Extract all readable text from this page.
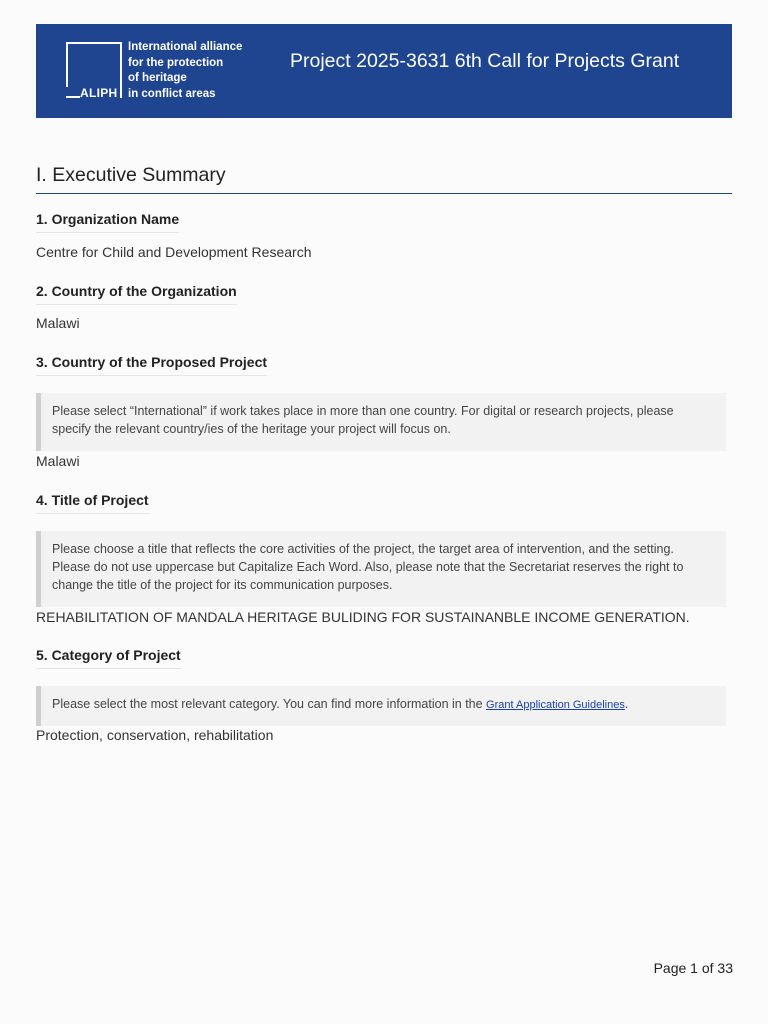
ALIPH
International alliance
for the protection
of heritage
in conflict areas
Project 2025-3631 6th Call for Projects Grant
I. Executive Summary
1. Organization Name
Centre for Child and Development Research
2. Country of the Organization
Malawi
3. Country of the Proposed Project
Please select “International” if work takes place in more than one country. For digital or research projects, please specify the relevant country/ies of the heritage your project will focus on.
Malawi
4. Title of Project
Please choose a title that reflects the core activities of the project, the target area of intervention, and the setting. Please do not use uppercase but Capitalize Each Word. Also, please note that the Secretariat reserves the right to change the title of the project for its communication purposes.
REHABILITATION OF MANDALA HERITAGE BULIDING FOR SUSTAINANBLE INCOME GENERATION.
5. Category of Project
Please select the most relevant category. You can find more information in the Grant Application Guidelines.
Protection, conservation, rehabilitation
Page 1 of 33
